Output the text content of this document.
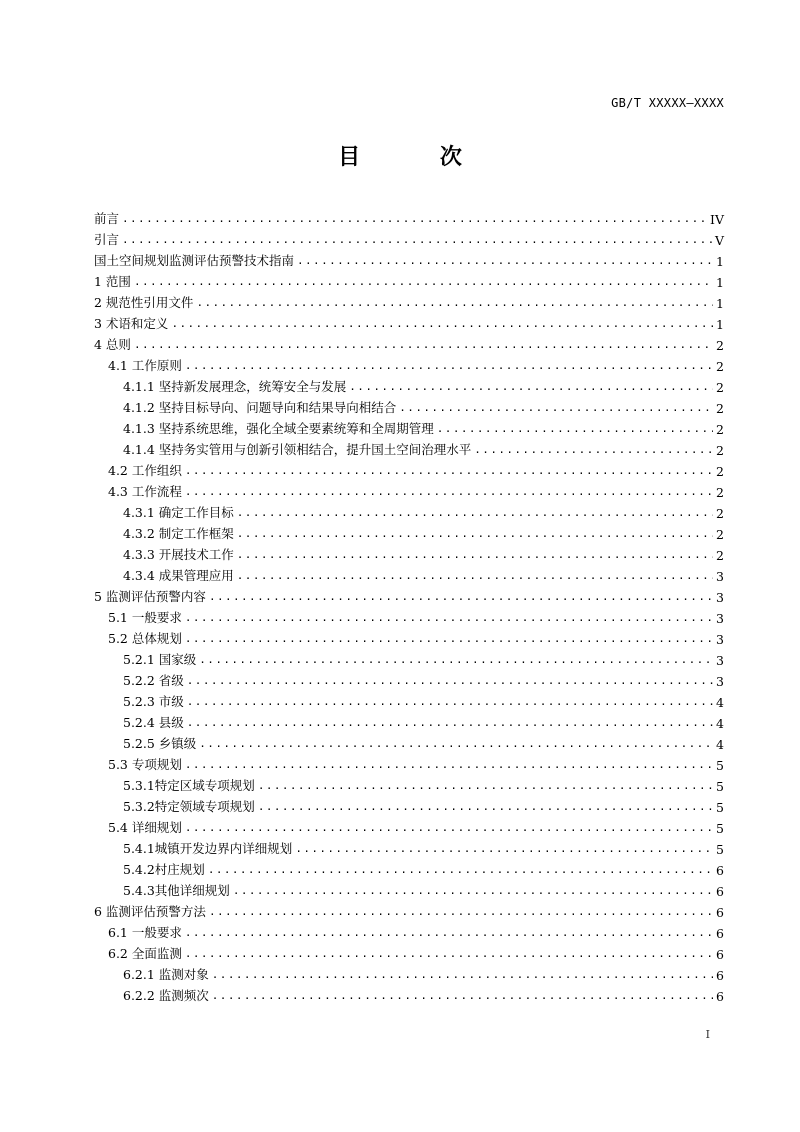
GB/T XXXXX—XXXX
目 次
前言 .....	IV
引言 .....	V
国土空间规划监测评估预警技术指南 .....	1
1 范围 .....	1
2 规范性引用文件 .....	1
3 术语和定义 .....	1
4 总则 .....	2
4.1 工作原则 .....	2
4.1.1 坚持新发展理念，统筹安全与发展 .....	2
4.1.2 坚持目标导向、问题导向和结果导向相结合 .....	2
4.1.3 坚持系统思维，强化全域全要素统筹和全周期管理 .....	2
4.1.4 坚持务实管用与创新引领相结合，提升国土空间治理水平 .....	2
4.2 工作组织 .....	2
4.3 工作流程 .....	2
4.3.1 确定工作目标 .....	2
4.3.2 制定工作框架 .....	2
4.3.3 开展技术工作 .....	2
4.3.4 成果管理应用 .....	3
5 监测评估预警内容 .....	3
5.1 一般要求 .....	3
5.2 总体规划 .....	3
5.2.1 国家级 .....	3
5.2.2 省级 .....	3
5.2.3 市级 .....	4
5.2.4 县级 .....	4
5.2.5 乡镇级 .....	4
5.3 专项规划 .....	5
5.3.1特定区域专项规划 .....	5
5.3.2特定领域专项规划 .....	5
5.4 详细规划 .....	5
5.4.1城镇开发边界内详细规划 .....	5
5.4.2村庄规划 .....	6
5.4.3其他详细规划 .....	6
6 监测评估预警方法 .....	6
6.1 一般要求 .....	6
6.2 全面监测 .....	6
6.2.1 监测对象 .....	6
6.2.2 监测频次 .....	6
I
